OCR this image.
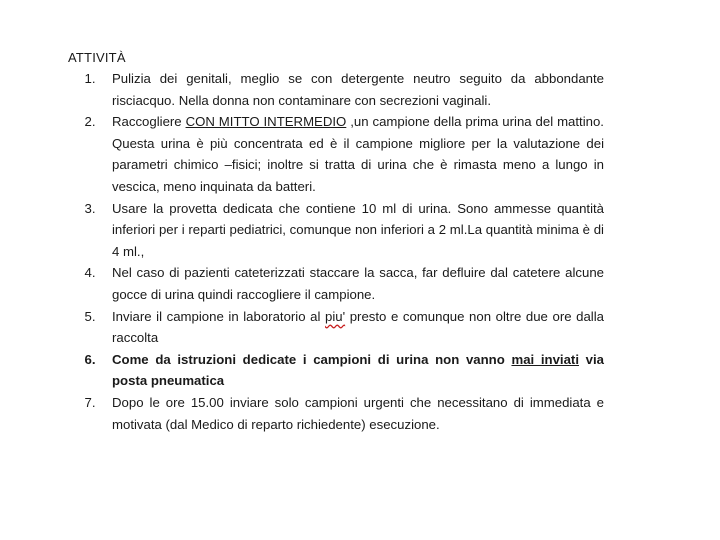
ATTIVITÀ
1.	Pulizia dei genitali, meglio se con detergente neutro seguito da abbondante risciacquo. Nella donna non contaminare con secrezioni vaginali.
2.	Raccogliere CON MITTO INTERMEDIO ,un campione della prima urina del mattino. Questa urina è più concentrata ed è il campione migliore per la valutazione dei parametri chimico –fisici; inoltre si tratta di urina che è rimasta meno a lungo in vescica, meno inquinata da batteri.
3.	Usare la provetta dedicata che contiene 10 ml di urina. Sono ammesse quantità inferiori per i reparti pediatrici, comunque non inferiori a 2 ml.La quantità minima è di 4 ml.,
4.	Nel caso di pazienti cateterizzati staccare la sacca, far defluire dal catetere alcune gocce di urina quindi raccogliere il campione.
5.	Inviare il campione in laboratorio al piu' presto e comunque non oltre due ore dalla raccolta
6.	Come da istruzioni dedicate i campioni di urina non vanno mai inviati via posta pneumatica
7.	Dopo le ore 15.00 inviare solo campioni urgenti che necessitano di immediata e motivata (dal Medico di reparto richiedente) esecuzione.
